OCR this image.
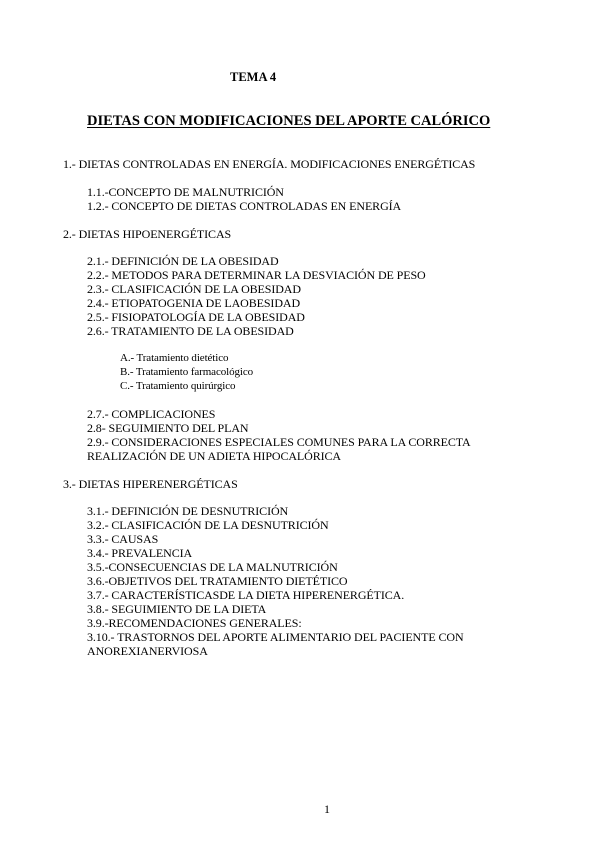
TEMA 4
DIETAS CON MODIFICACIONES DEL APORTE CALÓRICO
1.- DIETAS CONTROLADAS EN ENERGÍA. MODIFICACIONES ENERGÉTICAS
1.1.-CONCEPTO DE MALNUTRICIÓN
1.2.- CONCEPTO DE DIETAS CONTROLADAS EN ENERGÍA
2.- DIETAS HIPOENERGÉTICAS
2.1.- DEFINICIÓN DE LA OBESIDAD
2.2.- METODOS PARA DETERMINAR LA DESVIACIÓN DE PESO
2.3.- CLASIFICACIÓN DE LA OBESIDAD
2.4.- ETIOPATOGENIA DE LAOBESIDAD
2.5.- FISIOPATOLOGÍA DE LA OBESIDAD
2.6.- TRATAMIENTO DE LA OBESIDAD
A.- Tratamiento dietético
B.- Tratamiento farmacológico
C.- Tratamiento quirúrgico
2.7.- COMPLICACIONES
2.8- SEGUIMIENTO DEL PLAN
2.9.- CONSIDERACIONES ESPECIALES COMUNES PARA LA CORRECTA
REALIZACIÓN DE UN ADIETA HIPOCALÓRICA
3.- DIETAS HIPERENERGÉTICAS
3.1.- DEFINICIÓN DE DESNUTRICIÓN
3.2.- CLASIFICACIÓN DE LA DESNUTRICIÓN
3.3.- CAUSAS
3.4.- PREVALENCIA
3.5.-CONSECUENCIAS DE LA MALNUTRICIÓN
3.6.-OBJETIVOS DEL TRATAMIENTO DIETÉTICO
3.7.- CARACTERÍSTICASDE LA DIETA HIPERENERGÉTICA.
3.8.- SEGUIMIENTO DE LA DIETA
3.9.-RECOMENDACIONES GENERALES:
3.10.- TRASTORNOS DEL APORTE ALIMENTARIO DEL PACIENTE CON
ANOREXIANERVIOSA
1
